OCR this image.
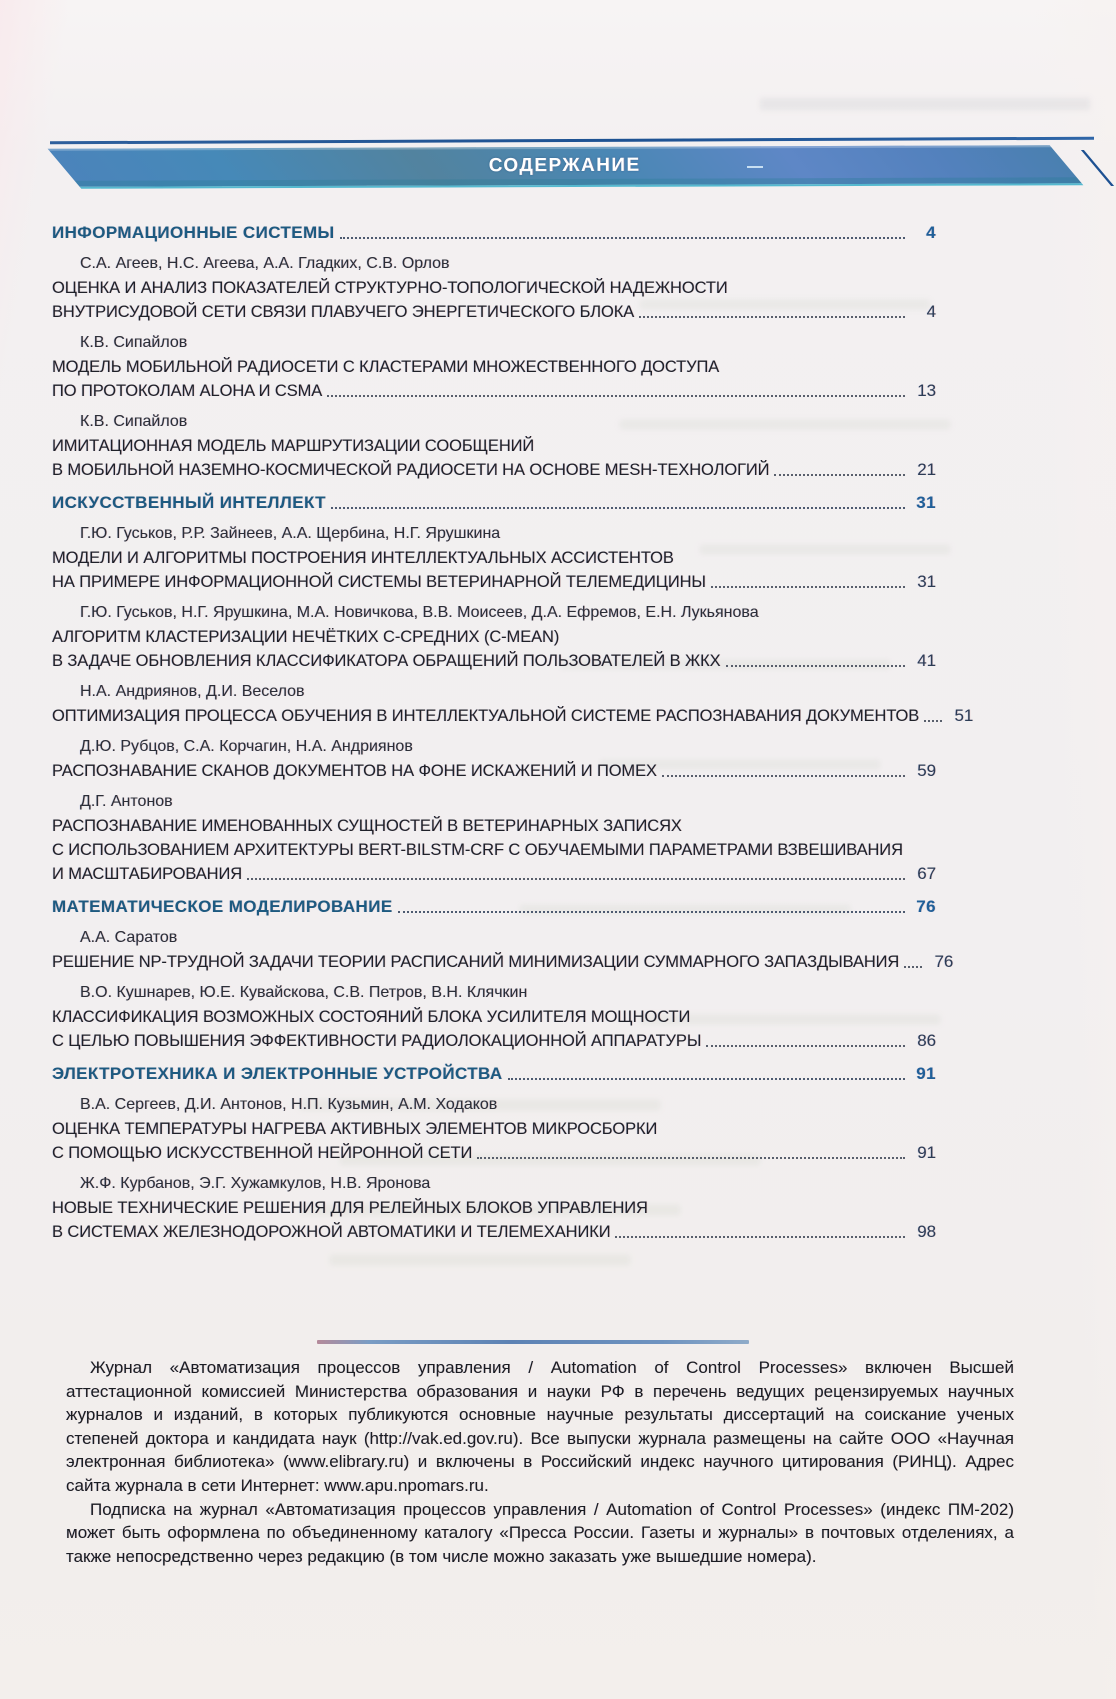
СОДЕРЖАНИЕ
ИНФОРМАЦИОННЫЕ СИСТЕМЫ	4
С.А. Агеев, Н.С. Агеева, А.А. Гладких, С.В. Орлов
ОЦЕНКА И АНАЛИЗ ПОКАЗАТЕЛЕЙ СТРУКТУРНО-ТОПОЛОГИЧЕСКОЙ НАДЕЖНОСТИ
ВНУТРИСУДОВОЙ СЕТИ СВЯЗИ ПЛАВУЧЕГО ЭНЕРГЕТИЧЕСКОГО БЛОКА	4
К.В. Сипайлов
МОДЕЛЬ МОБИЛЬНОЙ РАДИОСЕТИ С КЛАСТЕРАМИ МНОЖЕСТВЕННОГО ДОСТУПА
ПО ПРОТОКОЛАМ ALOHA И CSMA	13
К.В. Сипайлов
ИМИТАЦИОННАЯ МОДЕЛЬ МАРШРУТИЗАЦИИ СООБЩЕНИЙ
В МОБИЛЬНОЙ НАЗЕМНО-КОСМИЧЕСКОЙ РАДИОСЕТИ НА ОСНОВЕ MESH-ТЕХНОЛОГИЙ	21
ИСКУССТВЕННЫЙ ИНТЕЛЛЕКТ	31
Г.Ю. Гуськов, Р.Р. Зайнеев, А.А. Щербина, Н.Г. Ярушкина
МОДЕЛИ И АЛГОРИТМЫ ПОСТРОЕНИЯ ИНТЕЛЛЕКТУАЛЬНЫХ АССИСТЕНТОВ
НА ПРИМЕРЕ ИНФОРМАЦИОННОЙ СИСТЕМЫ ВЕТЕРИНАРНОЙ ТЕЛЕМЕДИЦИНЫ	31
Г.Ю. Гуськов, Н.Г. Ярушкина, М.А. Новичкова, В.В. Моисеев, Д.А. Ефремов, Е.Н. Лукьянова
АЛГОРИТМ КЛАСТЕРИЗАЦИИ НЕЧЁТКИХ С-СРЕДНИХ (C-MEAN)
В ЗАДАЧЕ ОБНОВЛЕНИЯ КЛАССИФИКАТОРА ОБРАЩЕНИЙ ПОЛЬЗОВАТЕЛЕЙ В ЖКХ	41
Н.А. Андриянов, Д.И. Веселов
ОПТИМИЗАЦИЯ ПРОЦЕССА ОБУЧЕНИЯ В ИНТЕЛЛЕКТУАЛЬНОЙ СИСТЕМЕ РАСПОЗНАВАНИЯ ДОКУМЕНТОВ	51
Д.Ю. Рубцов, С.А. Корчагин, Н.А. Андриянов
РАСПОЗНАВАНИЕ СКАНОВ ДОКУМЕНТОВ НА ФОНЕ ИСКАЖЕНИЙ И ПОМЕХ	59
Д.Г. Антонов
РАСПОЗНАВАНИЕ ИМЕНОВАННЫХ СУЩНОСТЕЙ В ВЕТЕРИНАРНЫХ ЗАПИСЯХ
С ИСПОЛЬЗОВАНИЕМ АРХИТЕКТУРЫ BERT-BILSTM-CRF С ОБУЧАЕМЫМИ ПАРАМЕТРАМИ ВЗВЕШИВАНИЯ
И МАСШТАБИРОВАНИЯ	67
МАТЕМАТИЧЕСКОЕ МОДЕЛИРОВАНИЕ	76
А.А. Саратов
РЕШЕНИЕ NP-ТРУДНОЙ ЗАДАЧИ ТЕОРИИ РАСПИСАНИЙ МИНИМИЗАЦИИ СУММАРНОГО ЗАПАЗДЫВАНИЯ	76
В.О. Кушнарев, Ю.Е. Кувайскова, С.В. Петров, В.Н. Клячкин
КЛАССИФИКАЦИЯ ВОЗМОЖНЫХ СОСТОЯНИЙ БЛОКА УСИЛИТЕЛЯ МОЩНОСТИ
С ЦЕЛЬЮ ПОВЫШЕНИЯ ЭФФЕКТИВНОСТИ РАДИОЛОКАЦИОННОЙ АППАРАТУРЫ	86
ЭЛЕКТРОТЕХНИКА И ЭЛЕКТРОННЫЕ УСТРОЙСТВА	91
В.А. Сергеев, Д.И. Антонов, Н.П. Кузьмин, А.М. Ходаков
ОЦЕНКА ТЕМПЕРАТУРЫ НАГРЕВА АКТИВНЫХ ЭЛЕМЕНТОВ МИКРОСБОРКИ
С ПОМОЩЬЮ ИСКУССТВЕННОЙ НЕЙРОННОЙ СЕТИ	91
Ж.Ф. Курбанов, Э.Г. Хужамкулов, Н.В. Яронова
НОВЫЕ ТЕХНИЧЕСКИЕ РЕШЕНИЯ ДЛЯ РЕЛЕЙНЫХ БЛОКОВ УПРАВЛЕНИЯ
В СИСТЕМАХ ЖЕЛЕЗНОДОРОЖНОЙ АВТОМАТИКИ И ТЕЛЕМЕХАНИКИ	98

Журнал «Автоматизация процессов управления / Automation of Control Processes» включен Высшей аттестационной комиссией Министерства образования и науки РФ в перечень ведущих рецензируемых научных журналов и изданий, в которых публикуются основные научные результаты диссертаций на соискание ученых степеней доктора и кандидата наук (http://vak.ed.gov.ru). Все выпуски журнала размещены на сайте ООО «Научная электронная библиотека» (www.elibrary.ru) и включены в Российский индекс научного цитирования (РИНЦ). Адрес сайта журнала в сети Интернет: www.apu.npomars.ru.

Подписка на журнал «Автоматизация процессов управления / Automation of Control Processes» (индекс ПМ-202) может быть оформлена по объединенному каталогу «Пресса России. Газеты и журналы» в почтовых отделениях, а также непосредственно через редакцию (в том числе можно заказать уже вышедшие номера).
